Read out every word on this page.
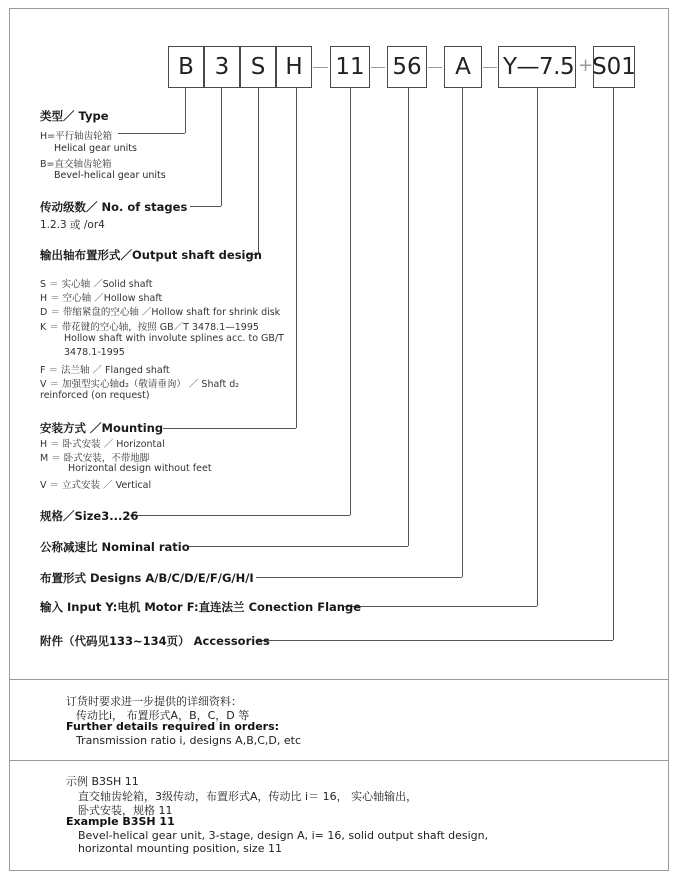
B 3 S H	11 56	A	Y—7.5 +
S01
类型／ Type
H=平行轴齿轮箱
Helical gear units
B=直交轴齿轮箱
Bevel-helical gear units
传动级数／ No. of stages
1.2.3 或 /or4
输出轴布置形式／Output shaft design
S ＝ 实心轴 ／Solid shaft
H ＝ 空心轴 ／Hollow shaft
D ＝ 带缩紧盘的空心轴 ／Hollow shaft for shrink disk
K ＝ 带花键的空心轴，按照 GB／T 3478.1—1995
Hollow shaft with involute splines acc. to GB/T
3478.1-1995
F ＝ 法兰轴 ／ Flanged shaft
V ＝ 加强型实心轴d₂（敬请垂询） ／ Shaft d₂
reinforced (on request)
安装方式 ／Mounting
H ＝ 卧式安装 ／ Horizontal
M ＝ 卧式安装，不带地脚
Horizontal design without feet
V ＝ 立式安装 ／ Vertical
规格／Size3...26
公称减速比 Nominal ratio
布置形式 Designs A/B/C/D/E/F/G/H/I
输入 Input Y:电机 Motor F:直连法兰 Conection Flange
附件（代码见133~134页） Accessories
订货时要求进一步提供的详细资料：
传动比i， 布置形式A，B，C，D 等
Further details required in orders:
Transmission ratio i, designs A,B,C,D, etc
示例 B3SH 11
直交轴齿轮箱，3级传动，布置形式A，传动比 i＝ 16， 实心轴输出，
卧式安装，规格 11
Example B3SH 11
Bevel-helical gear unit, 3-stage, design A, i= 16, solid output shaft design,
horizontal mounting position, size 11
